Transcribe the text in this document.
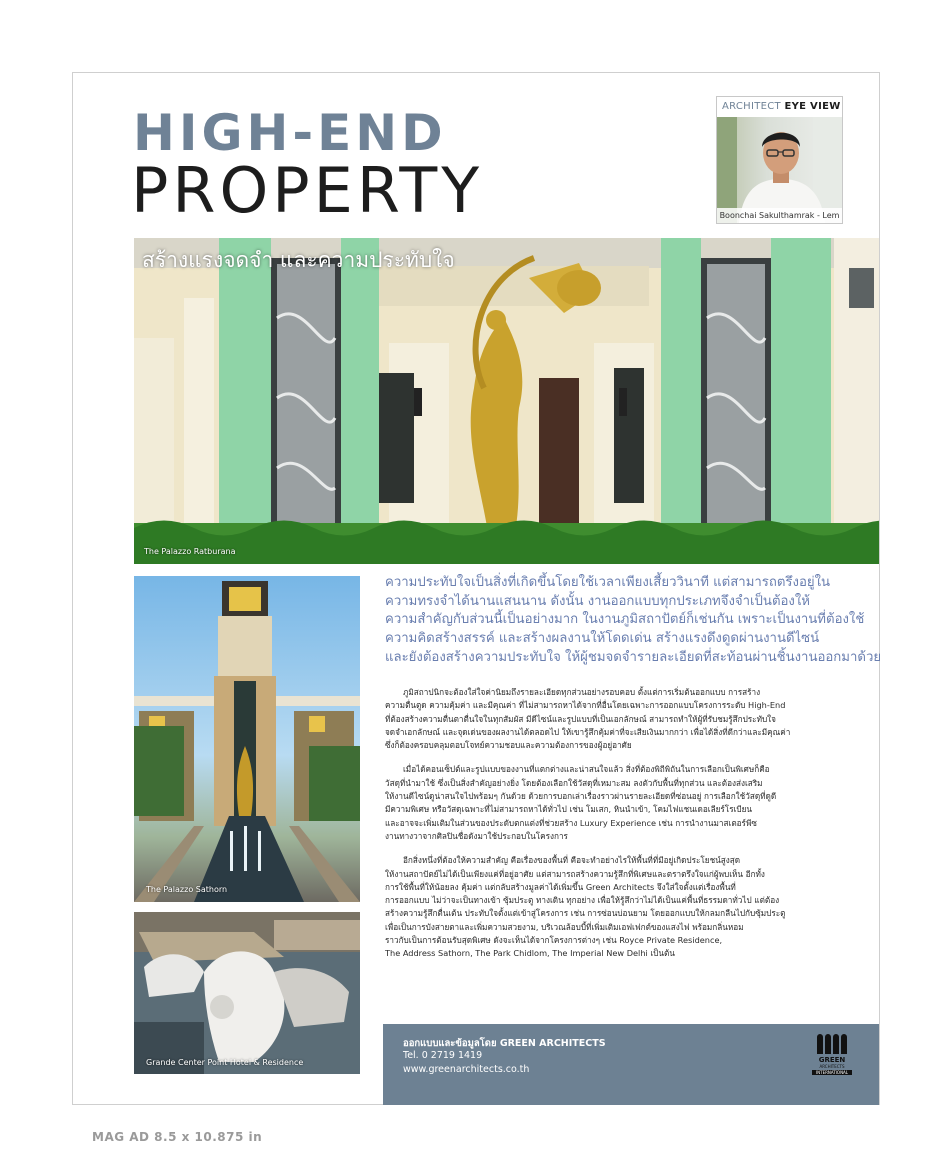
HIGH-END
PROPERTY
ARCHITECT EYE VIEW
Boonchai Sakulthamrak - Lem
สร้างแรงจดจำ และความประทับใจ
The Palazzo Ratburana
The Palazzo Sathorn
Grande Center Point Hotel & Residence

ความประทับใจเป็นสิ่งที่เกิดขึ้นโดยใช้เวลาเพียงเสี้ยววินาที แต่สามารถตรึงอยู่ใน

ความทรงจำได้นานแสนนาน ดังนั้น งานออกแบบทุกประเภทจึงจำเป็นต้องให้

ความสำคัญกับส่วนนี้เป็นอย่างมาก ในงานภูมิสถาปัตย์ก็เช่นกัน เพราะเป็นงานที่ต้องใช้

ความคิดสร้างสรรค์ และสร้างผลงานให้โดดเด่น สร้างแรงดึงดูดผ่านงานดีไซน์

และยังต้องสร้างความประทับใจ ให้ผู้ชมจดจำรายละเอียดที่สะท้อนผ่านชิ้นงานออกมาด้วย

ภูมิสถาปนิกจะต้องใส่ใจค่านิยมถึงรายละเอียดทุกส่วนอย่างรอบคอบ ตั้งแต่การเริ่มต้นออกแบบ การสร้าง
ความตื่นตูด ความคุ้มค่า และมีคุณค่า ที่ไม่สามารถหาได้จากที่อื่นโดยเฉพาะการออกแบบโครงการระดับ High-End
ที่ต้องสร้างความตื่นตาตื่นใจในทุกสัมผัส มีดีไซน์และรูปแบบที่เป็นเอกลักษณ์ สามารถทำให้ผู้ที่รับชมรู้สึกประทับใจ
จดจำเอกลักษณ์ และจุดเด่นของผลงานได้ตลอดไป ให้เขารู้สึกคุ้มค่าที่จะเสียเงินมากกว่า เพื่อได้สิ่งที่ดีกว่าและมีคุณค่า
ซึ่งก็ต้องครอบคลุมตอบโจทย์ความชอบและความต้องการของผู้อยู่อาศัย

เมื่อได้คอนเซ็ปต์และรูปแบบของงานที่แตกต่างและน่าสนใจแล้ว สิ่งที่ต้องพิถีพิถันในการเลือกเป็นพิเศษก็คือ
วัสดุที่นำมาใช้ ซึ่งเป็นสิ่งสำคัญอย่างยิ่ง โดยต้องเลือกใช้วัสดุที่เหมาะสม ลงตัวกับพื้นที่ทุกส่วน และต้องส่งเสริม
ให้งานดีไซน์ดูน่าสนใจไปพร้อมๆ กันด้วย ด้วยการบอกเล่าเรื่องราวผ่านรายละเอียดที่ซ่อนอยู่ การเลือกใช้วัสดุที่ดูดี
มีความพิเศษ หรือวัสดุเฉพาะที่ไม่สามารถหาได้ทั่วไป เช่น โมเสก, หินนำเข้า, โคมไฟแชนเดอเลียร์โรเบียน
และอาจจะเพิ่มเติมในส่วนของประดับตกแต่งที่ช่วยสร้าง Luxury Experience เช่น การนำงานมาสเตอร์พีซ
งานทางวาจากศิลปินชื่อดังมาใช้ประกอบในโครงการ

อีกสิ่งหนึ่งที่ต้องให้ความสำคัญ คือเรื่องของพื้นที่ คือจะทำอย่างไรให้พื้นที่ที่มีอยู่เกิดประโยชน์สูงสุด
ให้งานสถาปัตย์ไม่ได้เป็นเพียงแค่ที่อยู่อาศัย แต่สามารถสร้างความรู้สึกที่พิเศษและตราตรึงใจแก่ผู้พบเห็น อีกทั้ง
การใช้พื้นที่ให้น้อยลง คุ้มค่า แต่กลับสร้างมูลค่าได้เพิ่มขึ้น Green Architects จึงใส่ใจตั้งแต่เรื่องพื้นที่
การออกแบบ ไม่ว่าจะเป็นทางเข้า ซุ้มประตู ทางเดิน ทุกอย่าง เพื่อให้รู้สึกว่าไม่ได้เป็นแค่พื้นที่ธรรมดาทั่วไป แต่ต้อง
สร้างความรู้สึกตื่นเต้น ประทับใจตั้งแต่เข้าสู่โครงการ เช่น การซ่อนบ่อนยาม โดยออกแบบให้กลมกลืนไปกับซุ้มประตู
เพื่อเป็นการบังสายตาและเพิ่มความสวยงาม, บริเวณล้อบบี้ที่เพิ่มเติมเอฟเฟกต์ของแสงไฟ พร้อมกลิ่นหอม
ราวกับเป็นการต้อนรับสุดพิเศษ ดังจะเห็นได้จากโครงการต่างๆ เช่น Royce Private Residence,
The Address Sathorn, The Park Chidlom, The Imperial New Delhi เป็นต้น

ออกแบบและข้อมูลโดย GREEN ARCHITECTS
Tel. 0 2719 1419
www.greenarchitects.co.th
GREEN
ARCHITECTS
INTERNATIONAL
MAG AD 8.5 x 10.875 in
